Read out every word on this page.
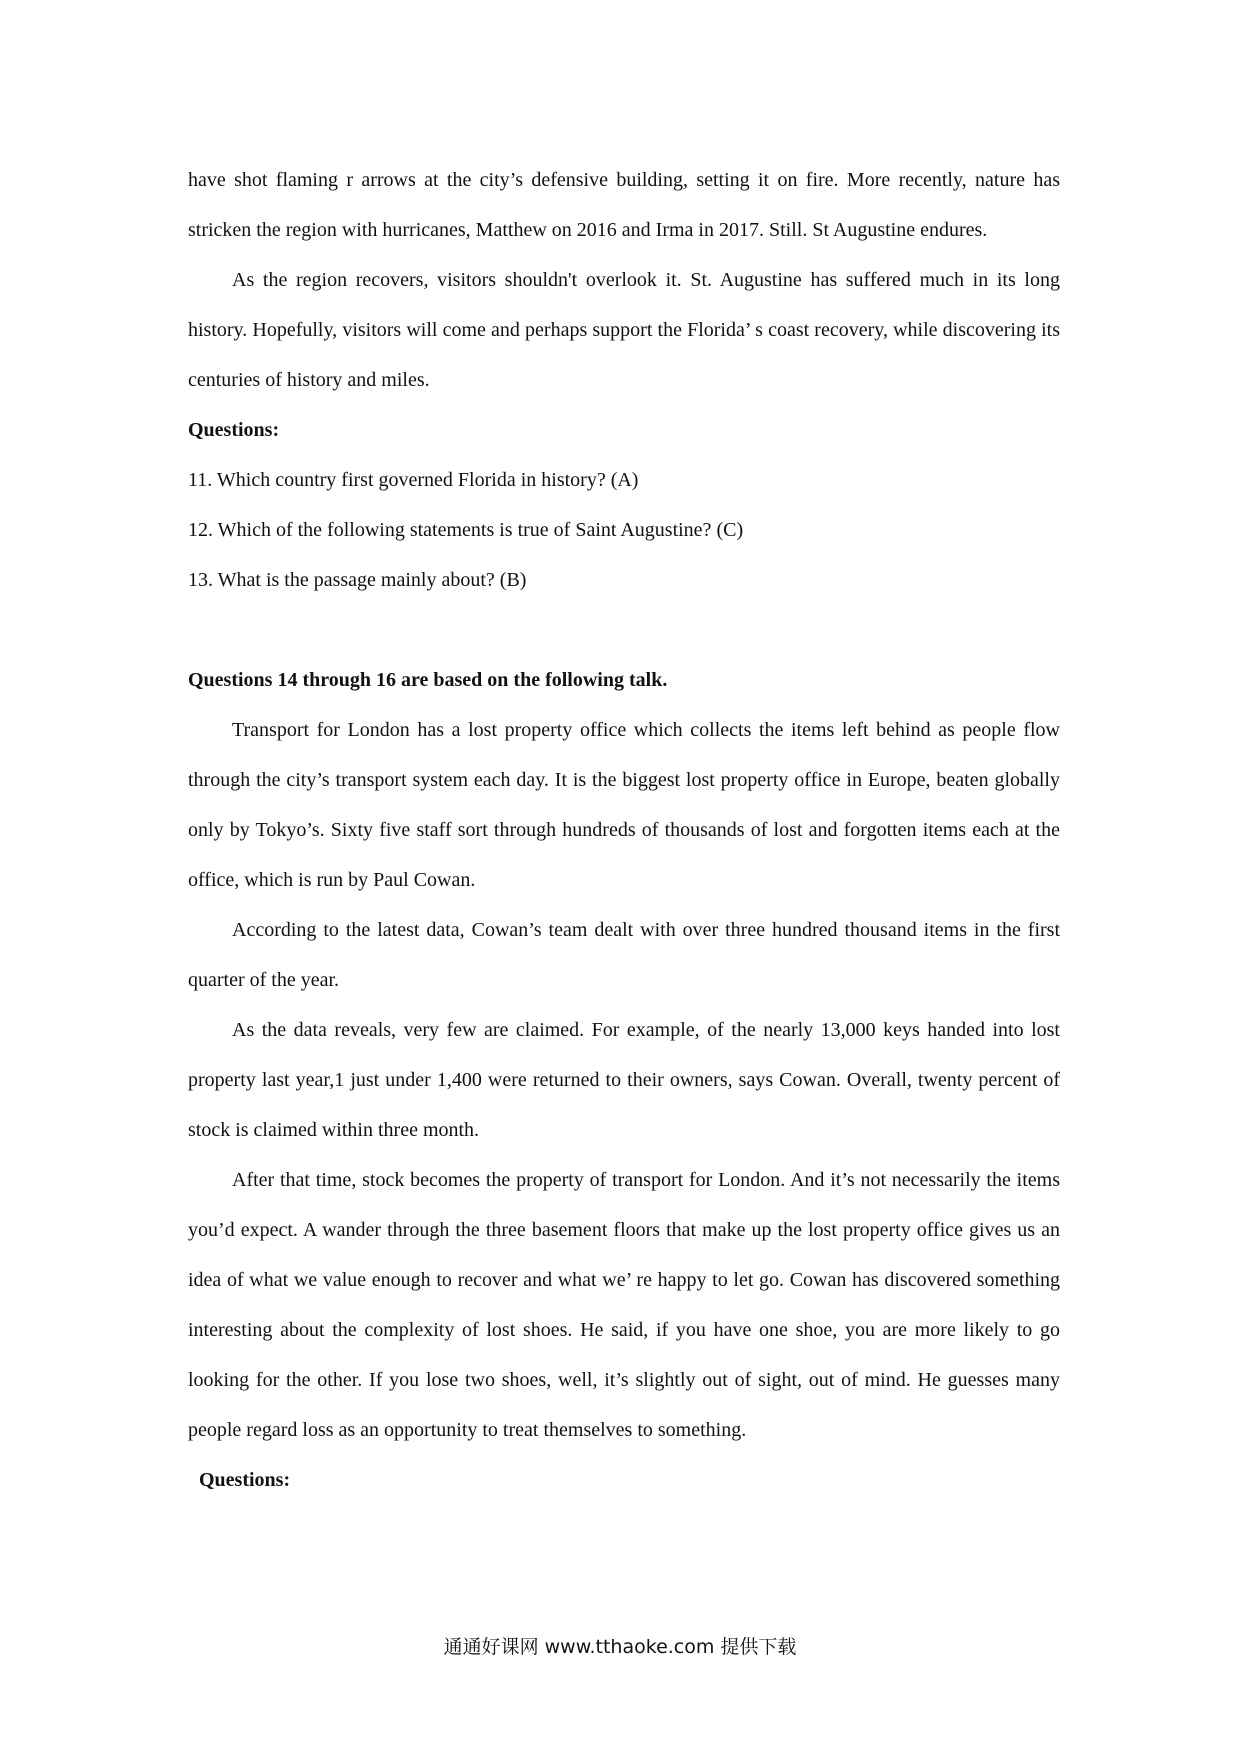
have shot flaming r arrows at the city’s defensive building, setting it on fire. More recently, nature has stricken the region with hurricanes, Matthew on 2016 and Irma in 2017. Still. St Augustine endures.

As the region recovers, visitors shouldn't overlook it. St. Augustine has suffered much in its long history. Hopefully, visitors will come and perhaps support the Florida’ s coast recovery, while discovering its centuries of history and miles.

Questions:

11. Which country first governed Florida in history? (A)

12. Which of the following statements is true of Saint Augustine? (C)

13. What is the passage mainly about? (B)

Questions 14 through 16 are based on the following talk.

Transport for London has a lost property office which collects the items left behind as people flow through the city’s transport system each day. It is the biggest lost property office in Europe, beaten globally only by Tokyo’s. Sixty five staff sort through hundreds of thousands of lost and forgotten items each at the office, which is run by Paul Cowan.

According to the latest data, Cowan’s team dealt with over three hundred thousand items in the first quarter of the year.

As the data reveals, very few are claimed. For example, of the nearly 13,000 keys handed into lost property last year,1 just under 1,400 were returned to their owners, says Cowan. Overall, twenty percent of stock is claimed within three month.

After that time, stock becomes the property of transport for London. And it’s not necessarily the items you’d expect. A wander through the three basement floors that make up the lost property office gives us an idea of what we value enough to recover and what we’ re happy to let go. Cowan has discovered something interesting about the complexity of lost shoes. He said, if you have one shoe, you are more likely to go looking for the other. If you lose two shoes, well, it’s slightly out of sight, out of mind. He guesses many people regard loss as an opportunity to treat themselves to something.

Questions:

通通好课网 www.tthaoke.com 提供下载
